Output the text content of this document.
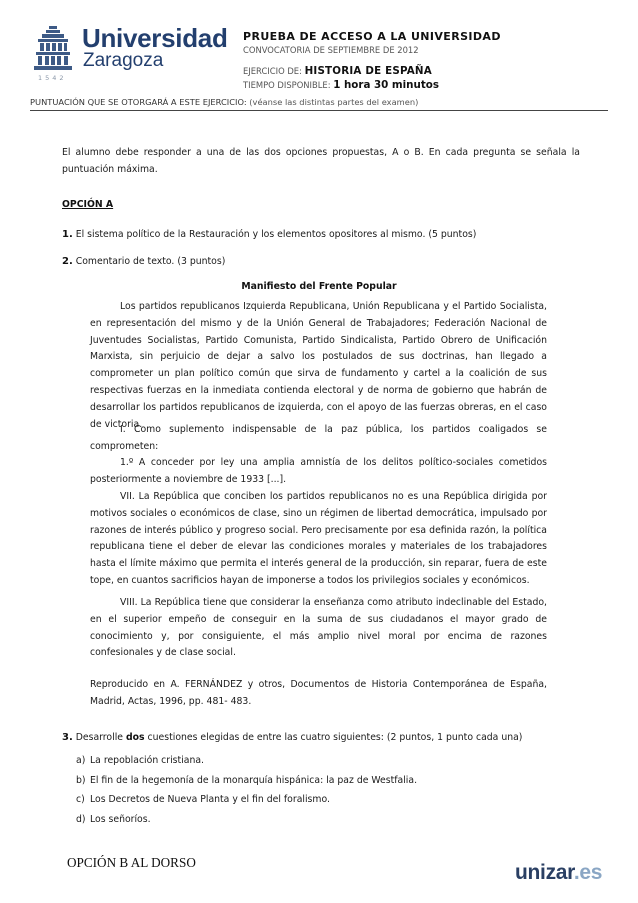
1542
Universidad
Zaragoza
PRUEBA DE ACCESO A LA UNIVERSIDAD
CONVOCATORIA DE SEPTIEMBRE DE 2012
EJERCICIO DE: HISTORIA DE ESPAÑA
TIEMPO DISPONIBLE: 1 hora 30 minutos
PUNTUACIÓN QUE SE OTORGARÁ A ESTE EJERCICIO: (véanse las distintas partes del examen)

El alumno debe responder a una de las dos opciones propuestas, A o B. En cada pregunta se señala la puntuación máxima.

OPCIÓN A
1. El sistema político de la Restauración y los elementos opositores al mismo. (5 puntos)
2. Comentario de texto. (3 puntos)
Manifiesto del Frente Popular

Los partidos republicanos Izquierda Republicana, Unión Republicana y el Partido Socialista, en representación del mismo y de la Unión General de Trabajadores; Federación Nacional de Juventudes Socialistas, Partido Comunista, Partido Sindicalista, Partido Obrero de Unificación Marxista, sin perjuicio de dejar a salvo los postulados de sus doctrinas, han llegado a comprometer un plan político común que sirva de fundamento y cartel a la coalición de sus respectivas fuerzas en la inmediata contienda electoral y de norma de gobierno que habrán de desarrollar los partidos republicanos de izquierda, con el apoyo de las fuerzas obreras, en el caso de victoria.

I. Como suplemento indispensable de la paz pública, los partidos coaligados se comprometen:

1.º A conceder por ley una amplia amnistía de los delitos político-sociales cometidos posteriormente a noviembre de 1933 [...].

VII. La República que conciben los partidos republicanos no es una República dirigida por motivos sociales o económicos de clase, sino un régimen de libertad democrática, impulsado por razones de interés público y progreso social. Pero precisamente por esa definida razón, la política republicana tiene el deber de elevar las condiciones morales y materiales de los trabajadores hasta el límite máximo que permita el interés general de la producción, sin reparar, fuera de este tope, en cuantos sacrificios hayan de imponerse a todos los privilegios sociales y económicos.

VIII. La República tiene que considerar la enseñanza como atributo indeclinable del Estado, en el superior empeño de conseguir en la suma de sus ciudadanos el mayor grado de conocimiento y, por consiguiente, el más amplio nivel moral por encima de razones confesionales y de clase social.

Reproducido en A. FERNÁNDEZ y otros, Documentos de Historia Contemporánea de España, Madrid, Actas, 1996, pp. 481- 483.

3. Desarrolle dos cuestiones elegidas de entre las cuatro siguientes: (2 puntos, 1 punto cada una)
a) La repoblación cristiana.
b) El fin de la hegemonía de la monarquía hispánica: la paz de Westfalia.
c) Los Decretos de Nueva Planta y el fin del foralismo.
d) Los señoríos.
OPCIÓN B AL DORSO	unizar.es
